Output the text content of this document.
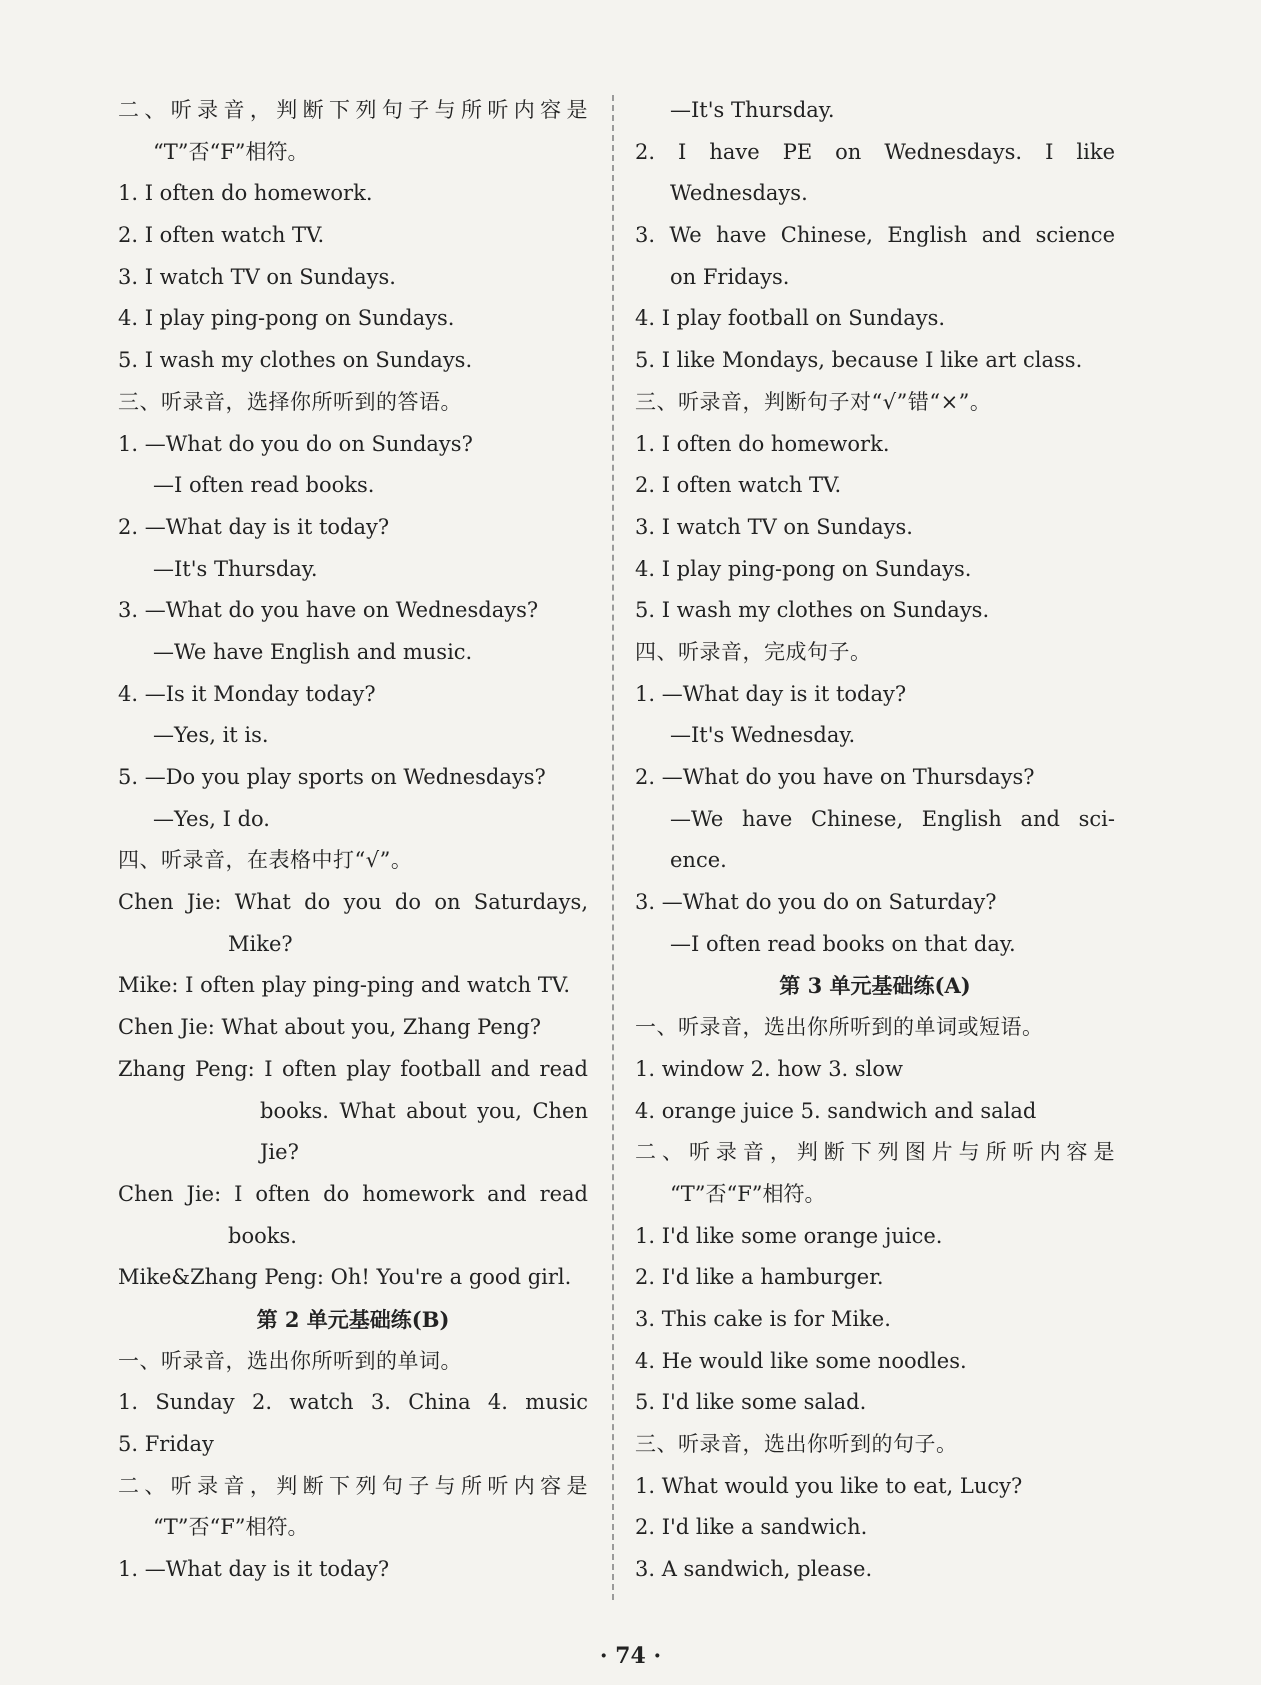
二、听录音，判断下列句子与所听内容是
“T”否“F”相符。
1. I often do homework.
2. I often watch TV.
3. I watch TV on Sundays.
4. I play ping-pong on Sundays.
5. I wash my clothes on Sundays.
三、听录音，选择你所听到的答语。
1. —What do you do on Sundays?
—I often read books.
2. —What day is it today?
—It's Thursday.
3. —What do you have on Wednesdays?
—We have English and music.
4. —Is it Monday today?
—Yes, it is.
5. —Do you play sports on Wednesdays?
—Yes, I do.
四、听录音，在表格中打“√”。
Chen Jie: What do you do on Saturdays,
Mike?
Mike: I often play ping-ping and watch TV.
Chen Jie: What about you, Zhang Peng?
Zhang Peng: I often play football and read
books. What about you, Chen
Jie?
Chen Jie: I often do homework and read
books.
Mike&Zhang Peng: Oh! You're a good girl.
第 2 单元基础练(B)
一、听录音，选出你所听到的单词。
1. Sunday 2. watch 3. China 4. music
5. Friday
二、听录音，判断下列句子与所听内容是
“T”否“F”相符。
1. —What day is it today?
—It's Thursday.
2. I have PE on Wednesdays. I like
Wednesdays.
3. We have Chinese, English and science
on Fridays.
4. I play football on Sundays.
5. I like Mondays, because I like art class.
三、听录音，判断句子对“√”错“×”。
1. I often do homework.
2. I often watch TV.
3. I watch TV on Sundays.
4. I play ping-pong on Sundays.
5. I wash my clothes on Sundays.
四、听录音，完成句子。
1. —What day is it today?
—It's Wednesday.
2. —What do you have on Thursdays?
—We have Chinese, English and sci-
ence.
3. —What do you do on Saturday?
—I often read books on that day.
第 3 单元基础练(A)
一、听录音，选出你所听到的单词或短语。
1. window 2. how 3. slow
4. orange juice 5. sandwich and salad
二、听录音，判断下列图片与所听内容是
“T”否“F”相符。
1. I'd like some orange juice.
2. I'd like a hamburger.
3. This cake is for Mike.
4. He would like some noodles.
5. I'd like some salad.
三、听录音，选出你听到的句子。
1. What would you like to eat, Lucy?
2. I'd like a sandwich.
3. A sandwich, please.
· 74 ·
